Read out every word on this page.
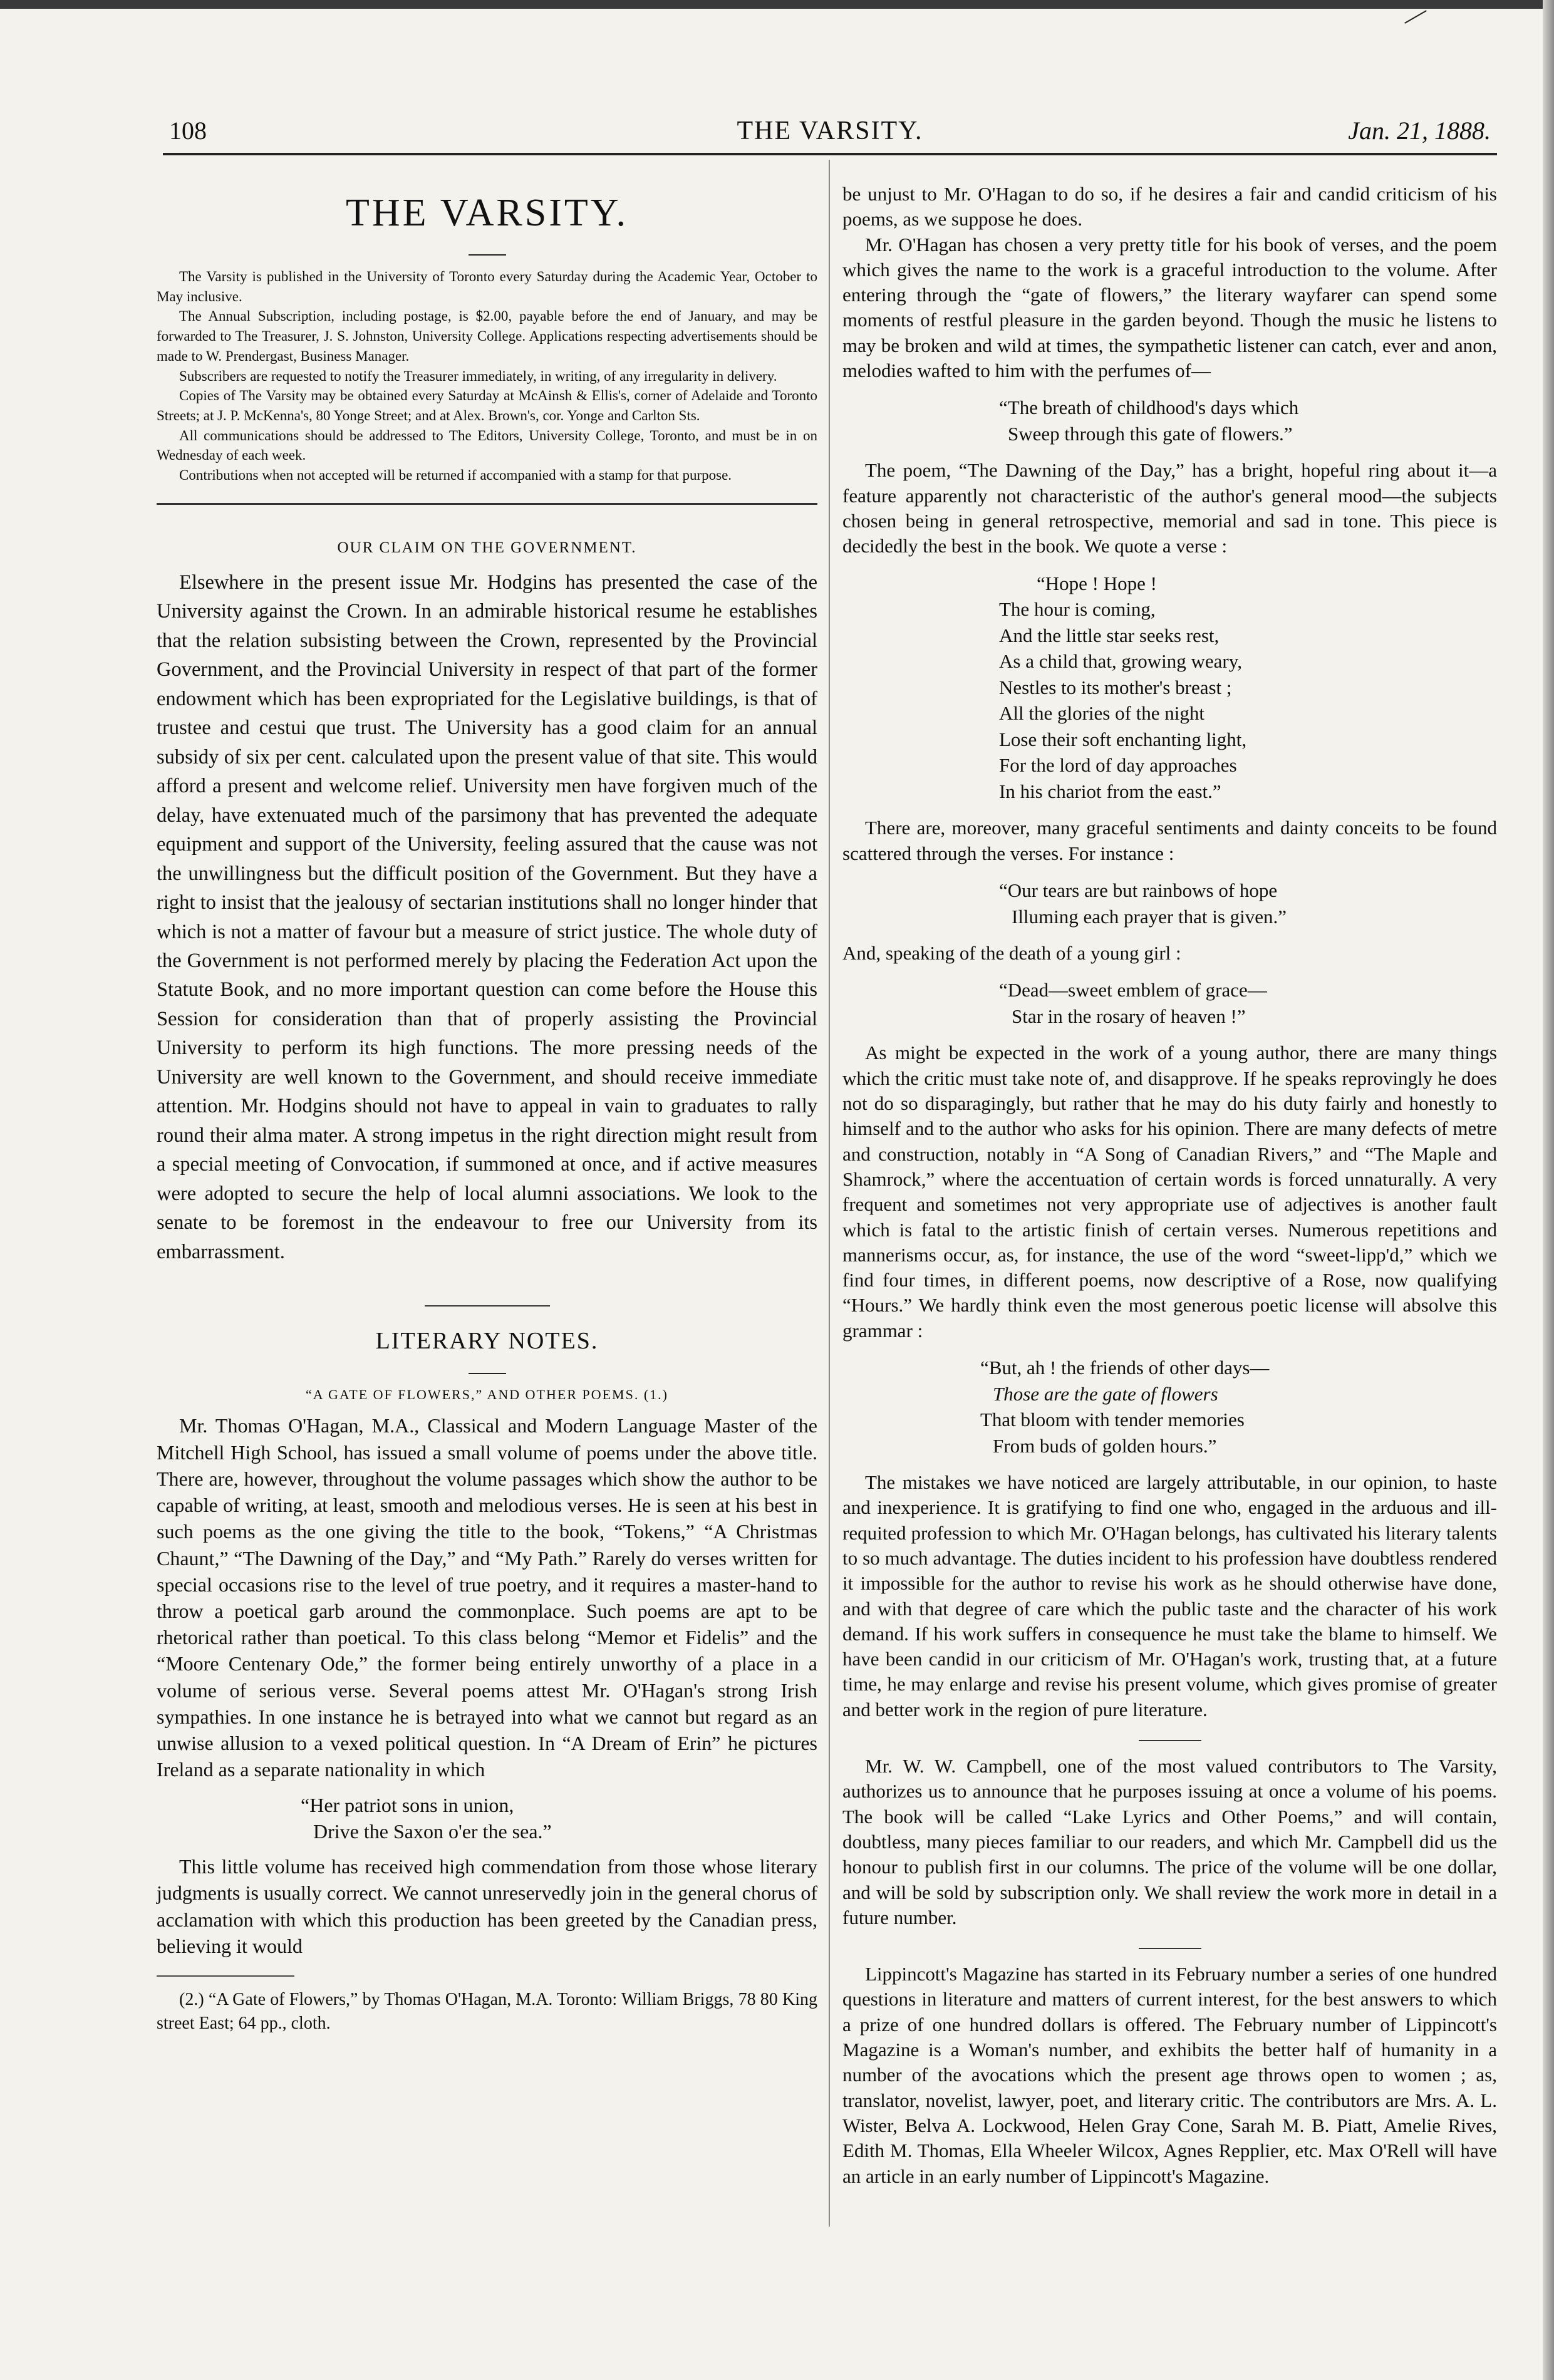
108	THE VARSITY.	Jan. 21, 1888.
THE VARSITY.

The Varsity is published in the University of Toronto every Saturday during the Academic Year, October to May inclusive.

The Annual Subscription, including postage, is $2.00, payable before the end of January, and may be forwarded to The Treasurer, J. S. Johnston, University College. Applications respecting advertisements should be made to W. Prendergast, Business Manager.

Subscribers are requested to notify the Treasurer immediately, in writing, of any irregularity in delivery.

Copies of The Varsity may be obtained every Saturday at McAinsh & Ellis's, corner of Adelaide and Toronto Streets; at J. P. McKenna's, 80 Yonge Street; and at Alex. Brown's, cor. Yonge and Carlton Sts.

All communications should be addressed to The Editors, University College, Toronto, and must be in on Wednesday of each week.

Contributions when not accepted will be returned if accompanied with a stamp for that purpose.

OUR CLAIM ON THE GOVERNMENT.

Elsewhere in the present issue Mr. Hodgins has presented the case of the University against the Crown. In an admirable historical resume he establishes that the relation subsisting between the Crown, represented by the Provincial Government, and the Provincial University in respect of that part of the former endowment which has been expropriated for the Legislative buildings, is that of trustee and cestui que trust. The University has a good claim for an annual subsidy of six per cent. calculated upon the present value of that site. This would afford a present and welcome relief. University men have forgiven much of the delay, have extenuated much of the parsimony that has prevented the adequate equipment and support of the University, feeling assured that the cause was not the unwillingness but the difficult position of the Government. But they have a right to insist that the jealousy of sectarian institutions shall no longer hinder that which is not a matter of favour but a measure of strict justice. The whole duty of the Government is not performed merely by placing the Federation Act upon the Statute Book, and no more important question can come before the House this Session for consideration than that of properly assisting the Provincial University to perform its high functions. The more pressing needs of the University are well known to the Government, and should receive immediate attention. Mr. Hodgins should not have to appeal in vain to graduates to rally round their alma mater. A strong impetus in the right direction might result from a special meeting of Convocation, if summoned at once, and if active measures were adopted to secure the help of local alumni associations. We look to the senate to be foremost in the endeavour to free our University from its embarrassment.

LITERARY NOTES.
“A GATE OF FLOWERS,” AND OTHER POEMS. (1.)

Mr. Thomas O'Hagan, M.A., Classical and Modern Language Master of the Mitchell High School, has issued a small volume of poems under the above title. There are, however, throughout the volume passages which show the author to be capable of writing, at least, smooth and melodious verses. He is seen at his best in such poems as the one giving the title to the book, “Tokens,” “A Christmas Chaunt,” “The Dawning of the Day,” and “My Path.” Rarely do verses written for special occasions rise to the level of true poetry, and it requires a master-hand to throw a poetical garb around the commonplace. Such poems are apt to be rhetorical rather than poetical. To this class belong “Memor et Fidelis” and the “Moore Centenary Ode,” the former being entirely unworthy of a place in a volume of serious verse. Several poems attest Mr. O'Hagan's strong Irish sympathies. In one instance he is betrayed into what we cannot but regard as an unwise allusion to a vexed political question. In “A Dream of Erin” he pictures Ireland as a separate nationality in which

“Her patriot sons in union,

Drive the Saxon o'er the sea.”

This little volume has received high commendation from those whose literary judgments is usually correct. We cannot unreservedly join in the general chorus of acclamation with which this production has been greeted by the Canadian press, believing it would

(2.) “A Gate of Flowers,” by Thomas O'Hagan, M.A. Toronto: William Briggs, 78 80 King street East; 64 pp., cloth.

be unjust to Mr. O'Hagan to do so, if he desires a fair and candid criticism of his poems, as we suppose he does.

Mr. O'Hagan has chosen a very pretty title for his book of verses, and the poem which gives the name to the work is a graceful introduction to the volume. After entering through the “gate of flowers,” the literary wayfarer can spend some moments of restful pleasure in the garden beyond. Though the music he listens to may be broken and wild at times, the sympathetic listener can catch, ever and anon, melodies wafted to him with the perfumes of—

“The breath of childhood's days which

Sweep through this gate of flowers.”

The poem, “The Dawning of the Day,” has a bright, hopeful ring about it—a feature apparently not characteristic of the author's general mood—the subjects chosen being in general retrospective, memorial and sad in tone. This piece is decidedly the best in the book. We quote a verse :

“Hope ! Hope !

The hour is coming,

And the little star seeks rest,

As a child that, growing weary,

Nestles to its mother's breast ;

All the glories of the night

Lose their soft enchanting light,

For the lord of day approaches

In his chariot from the east.”

There are, moreover, many graceful sentiments and dainty conceits to be found scattered through the verses. For instance :

“Our tears are but rainbows of hope

Illuming each prayer that is given.”

And, speaking of the death of a young girl :

“Dead—sweet emblem of grace—

Star in the rosary of heaven !”

As might be expected in the work of a young author, there are many things which the critic must take note of, and disapprove. If he speaks reprovingly he does not do so disparagingly, but rather that he may do his duty fairly and honestly to himself and to the author who asks for his opinion. There are many defects of metre and construction, notably in “A Song of Canadian Rivers,” and “The Maple and Shamrock,” where the accentuation of certain words is forced unnaturally. A very frequent and sometimes not very appropriate use of adjectives is another fault which is fatal to the artistic finish of certain verses. Numerous repetitions and mannerisms occur, as, for instance, the use of the word “sweet-lipp'd,” which we find four times, in different poems, now descriptive of a Rose, now qualifying “Hours.” We hardly think even the most generous poetic license will absolve this grammar :

“But, ah ! the friends of other days—

Those are the gate of flowers

That bloom with tender memories

From buds of golden hours.”

The mistakes we have noticed are largely attributable, in our opinion, to haste and inexperience. It is gratifying to find one who, engaged in the arduous and ill-requited profession to which Mr. O'Hagan belongs, has cultivated his literary talents to so much advantage. The duties incident to his profession have doubtless rendered it impossible for the author to revise his work as he should otherwise have done, and with that degree of care which the public taste and the character of his work demand. If his work suffers in consequence he must take the blame to himself. We have been candid in our criticism of Mr. O'Hagan's work, trusting that, at a future time, he may enlarge and revise his present volume, which gives promise of greater and better work in the region of pure literature.

Mr. W. W. Campbell, one of the most valued contributors to The Varsity, authorizes us to announce that he purposes issuing at once a volume of his poems. The book will be called “Lake Lyrics and Other Poems,” and will contain, doubtless, many pieces familiar to our readers, and which Mr. Campbell did us the honour to publish first in our columns. The price of the volume will be one dollar, and will be sold by subscription only. We shall review the work more in detail in a future number.

Lippincott's Magazine has started in its February number a series of one hundred questions in literature and matters of current interest, for the best answers to which a prize of one hundred dollars is offered. The February number of Lippincott's Magazine is a Woman's number, and exhibits the better half of humanity in a number of the avocations which the present age throws open to women ; as, translator, novelist, lawyer, poet, and literary critic. The contributors are Mrs. A. L. Wister, Belva A. Lockwood, Helen Gray Cone, Sarah M. B. Piatt, Amelie Rives, Edith M. Thomas, Ella Wheeler Wilcox, Agnes Repplier, etc. Max O'Rell will have an article in an early number of Lippincott's Magazine.
